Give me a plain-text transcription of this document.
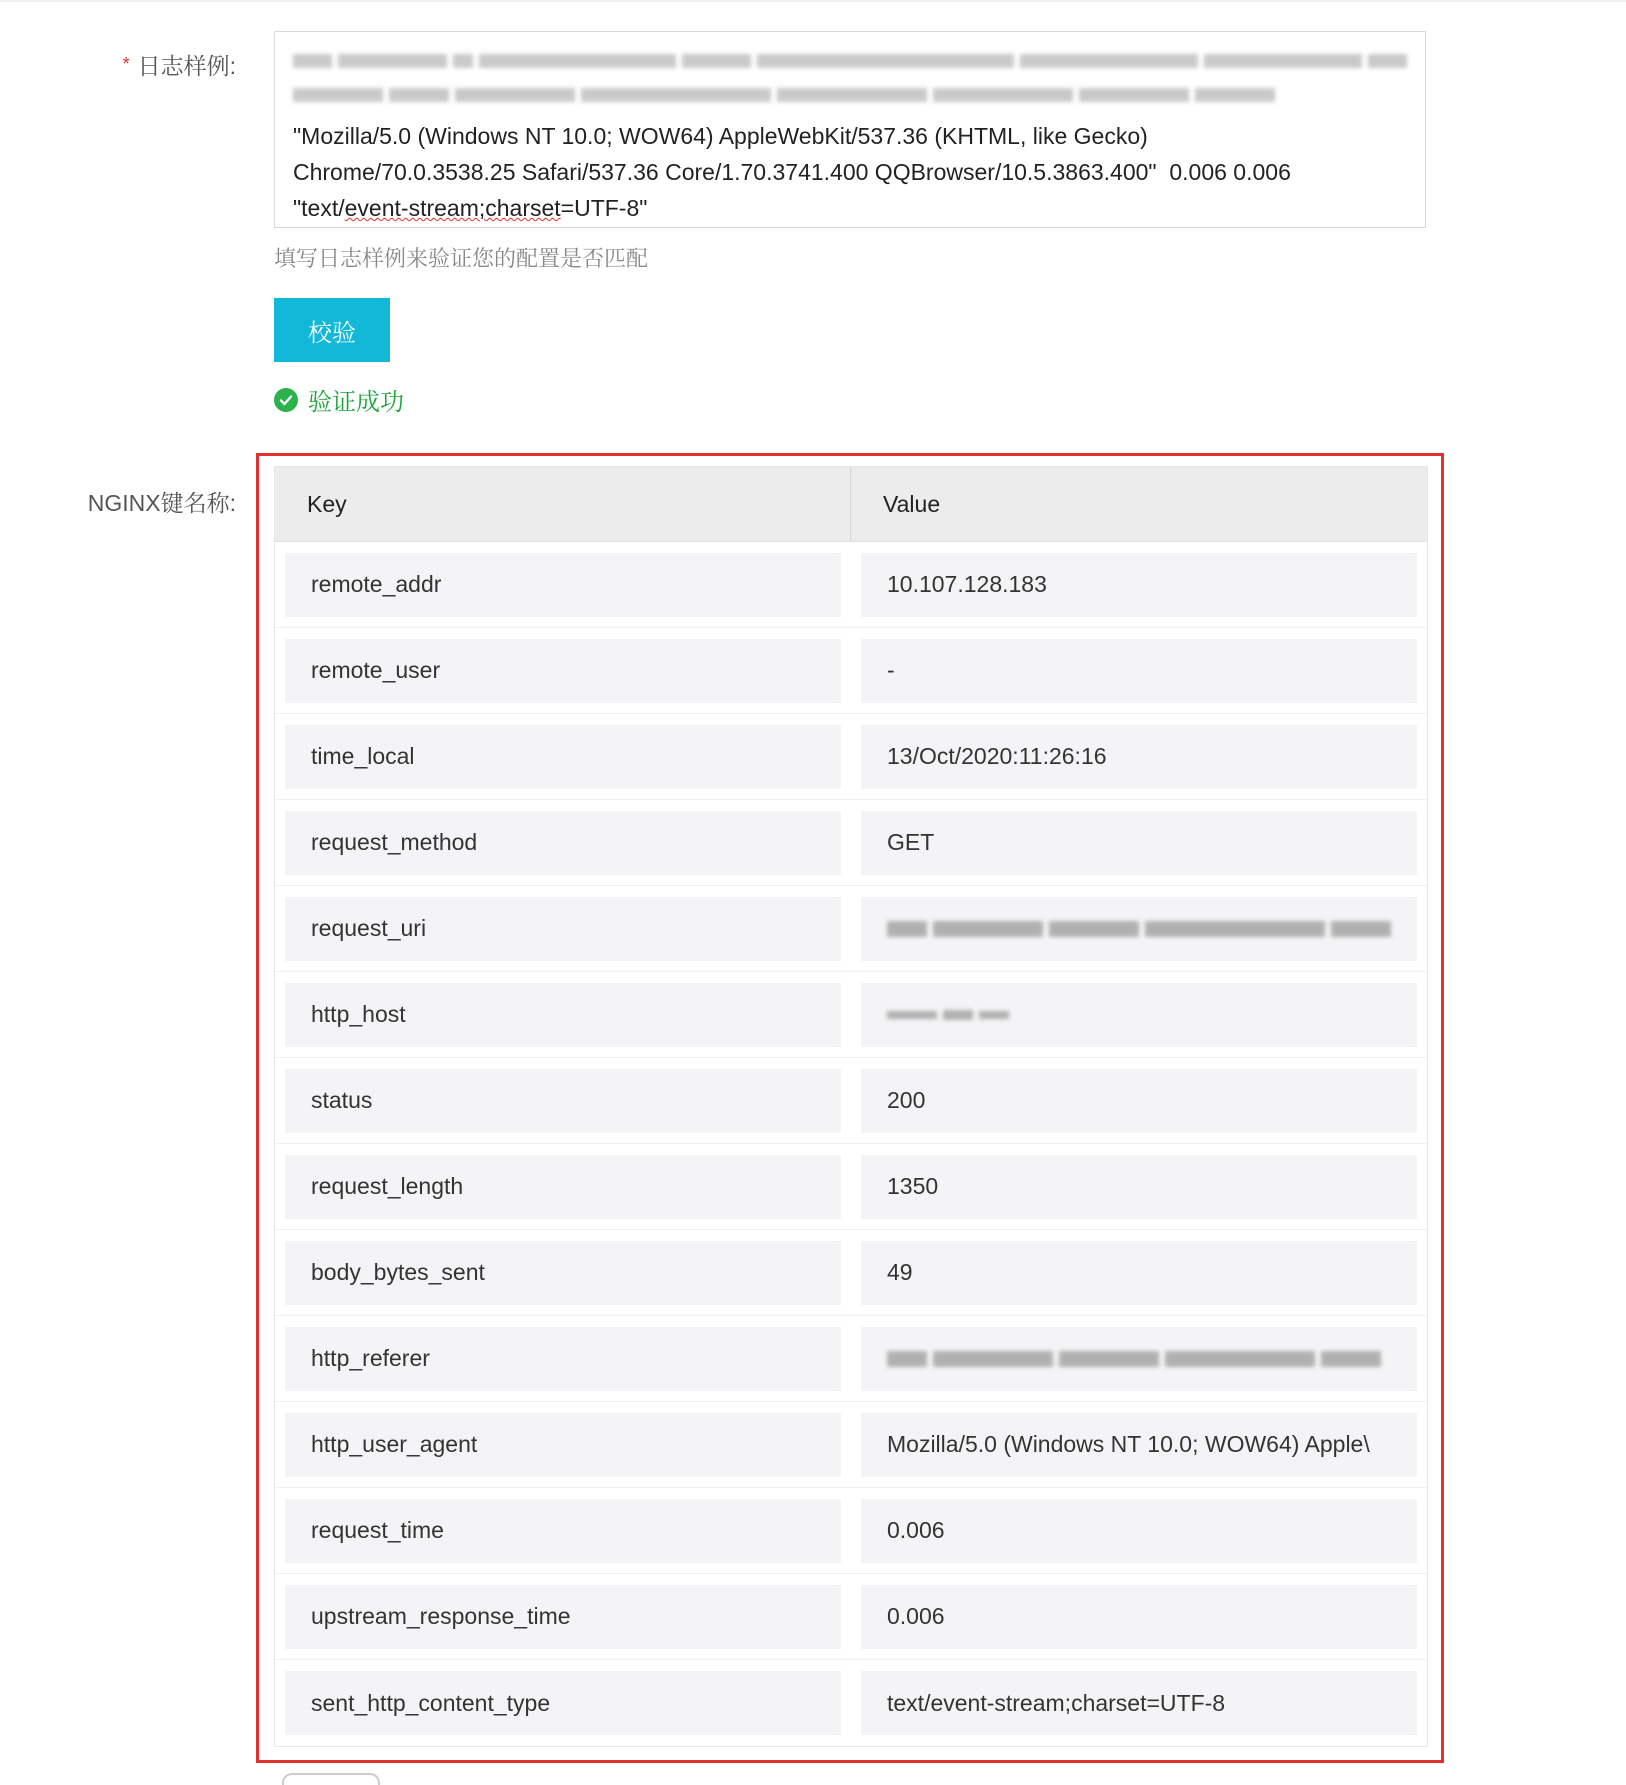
* 日志样例:

"Mozilla/5.0 (Windows NT 10.0; WOW64) AppleWebKit/537.36 (KHTML, like Gecko)
Chrome/70.0.3538.25 Safari/537.36 Core/1.70.3741.400 QQBrowser/10.5.3863.400"  0.006 0.006
"text/event-stream;charset=UTF-8"

填写日志样例来验证您的配置是否匹配
校验
验证成功
NGINX键名称:	Key	Value
remote_addr	10.107.128.183
remote_user	-
time_local	13/Oct/2020:11:26:16
request_method	GET
request_uri
http_host
status	200
request_length	1350
body_bytes_sent	49
http_referer
http_user_agent	Mozilla/5.0 (Windows NT 10.0; WOW64) Apple\
request_time	0.006
upstream_response_time	0.006
sent_http_content_type	text/event-stream;charset=UTF-8
